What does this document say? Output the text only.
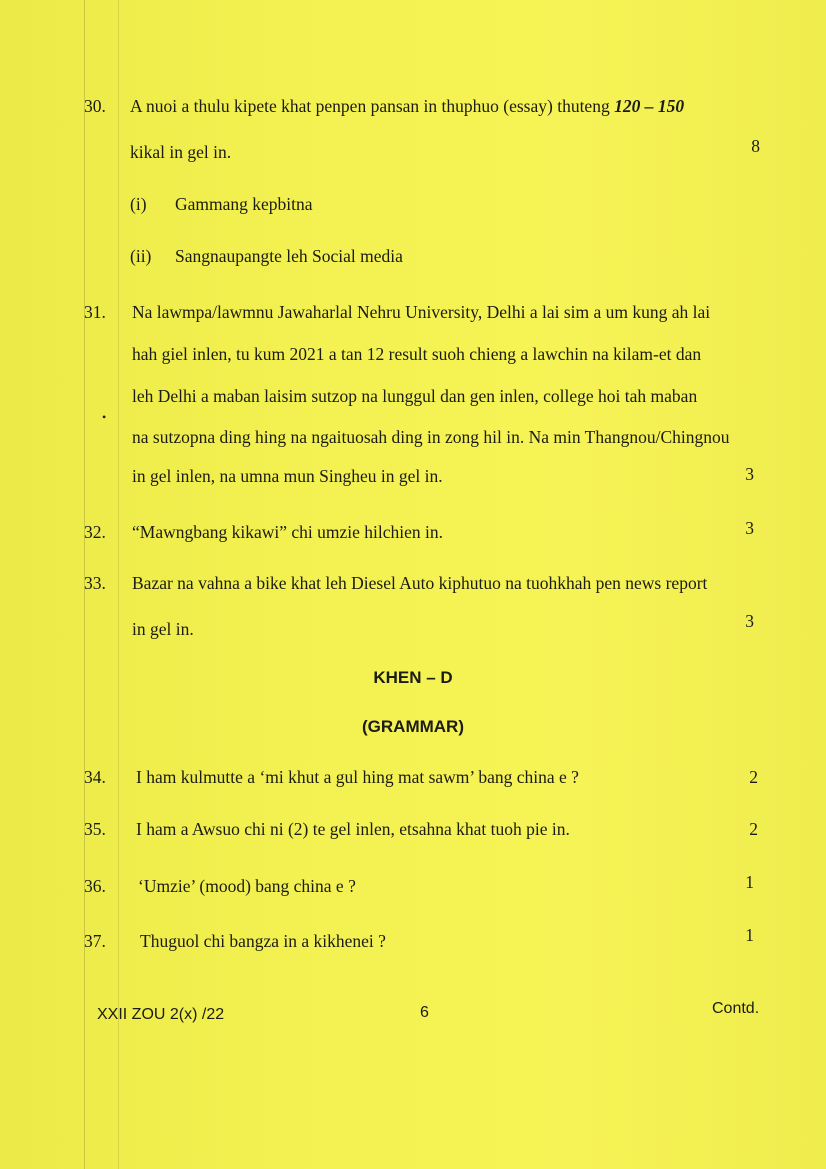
30. A nuoi a thulu kipete khat penpen pansan in thuphuo (essay) thuteng 120 – 150
kikal in gel in.	8
(i) Gammang kepbitna
(ii) Sangnaupangte leh Social media
31. Na lawmpa/lawmnu Jawaharlal Nehru University, Delhi a lai sim a um kung ah lai
hah giel inlen, tu kum 2021 a tan 12 result suoh chieng a lawchin na kilam-et dan
leh Delhi a maban laisim sutzop na lunggul dan gen inlen, college hoi tah maban
na sutzopna ding hing na ngaituosah ding in zong hil in. Na min Thangnou/Chingnou
in gel inlen, na umna mun Singheu in gel in.	3
•
32. “Mawngbang kikawi” chi umzie hilchien in.	3
33. Bazar na vahna a bike khat leh Diesel Auto kiphutuo na tuohkhah pen news report
in gel in.	3
KHEN – D
(GRAMMAR)
34. I ham kulmutte a ‘mi khut a gul hing mat sawm’ bang china e ?	2
35. I ham a Awsuo chi ni (2) te gel inlen, etsahna khat tuoh pie in.	2
36. ‘Umzie’ (mood) bang china e ?	1
37. Thuguol chi bangza in a kikhenei ?	1
XXII ZOU 2(x) /22	6	Contd.
